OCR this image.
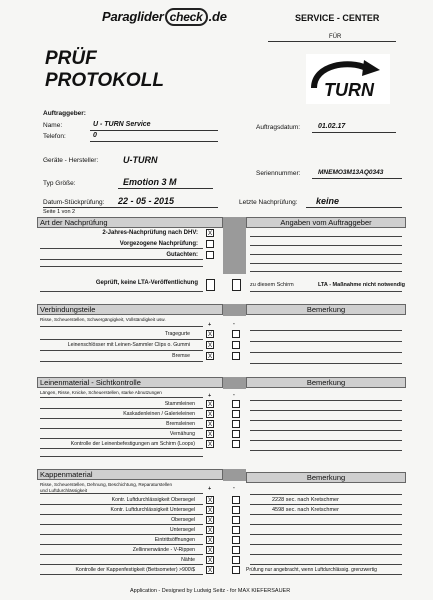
Paraglider check .de	SERVICE - CENTER
FÜR
PRÜF
PROTOKOLL	TURN
Auftraggeber:
Name:	U - TURN Service
Telefon:	0
Auftragsdatum:	01.02.17
Geräte - Hersteller:	U-TURN
Typ Größe:	Emotion 3 M
Seriennummer:	MNEMO3M13AQ0343
Datum-Stückprüfung: 22 - 05 - 2015	Letzte Nachprüfung: keine
Seite 1 von 2
Art der Nachprüfung	Angaben vom Auftraggeber
2-Jahres-Nachprüfung nach DHV: X
Vorgezogene Nachprüfung:
Gutachten:
Geprüft, keine LTA-Veröffentlichung	zu diesem Schirm	LTA - Maßnahme nicht notwendig
Verbindungsteile	Bemerkung
Risse, Scheuerstellen, Schwergängigkeit, Vollständigkeit usw.
+	-
Tragegurte	X
Leinenschlösser mit Leinen-Sammler Clips o. Gummi	X
Bremse	X
Leinenmaterial - Sichtkontrolle	Bemerkung
Längen, Risse, Knicke, Scheuerstellen, starke Abnutzungen
+	-
Stammleinen X
Kaskadenleinen / Galerieleinen X
Bremsleinen X
Vernähung X
Kontrolle der Leinenbefestigungen am Schirm (Loops) X
Kappenmaterial	Bemerkung
Risse, Scheuerstellen, Dehnung, Beschichtung, Reparaturstellen
und Luftdurchlässigkeit	+	-
Kontr. Luftdurchlässigkeit Obersegel X	2228 sec. nach Kretschmer
Kontr. Luftdurchlässigkeit Untersegel X	4598 sec. nach Kretschmer
Obersegel X
Untersegel X
Eintrittsöffnungen X
Zellinnenwände - V-Rippen X
Nähte X
Kontrolle der Kappenfestigkeit (Bettsometer) >900\$ X	Prüfung nur angebracht, wenn Luftdurchlässig. grenzwertig
Application - Designed by Ludwig Seitz - for MAX KIEFERSAUER
